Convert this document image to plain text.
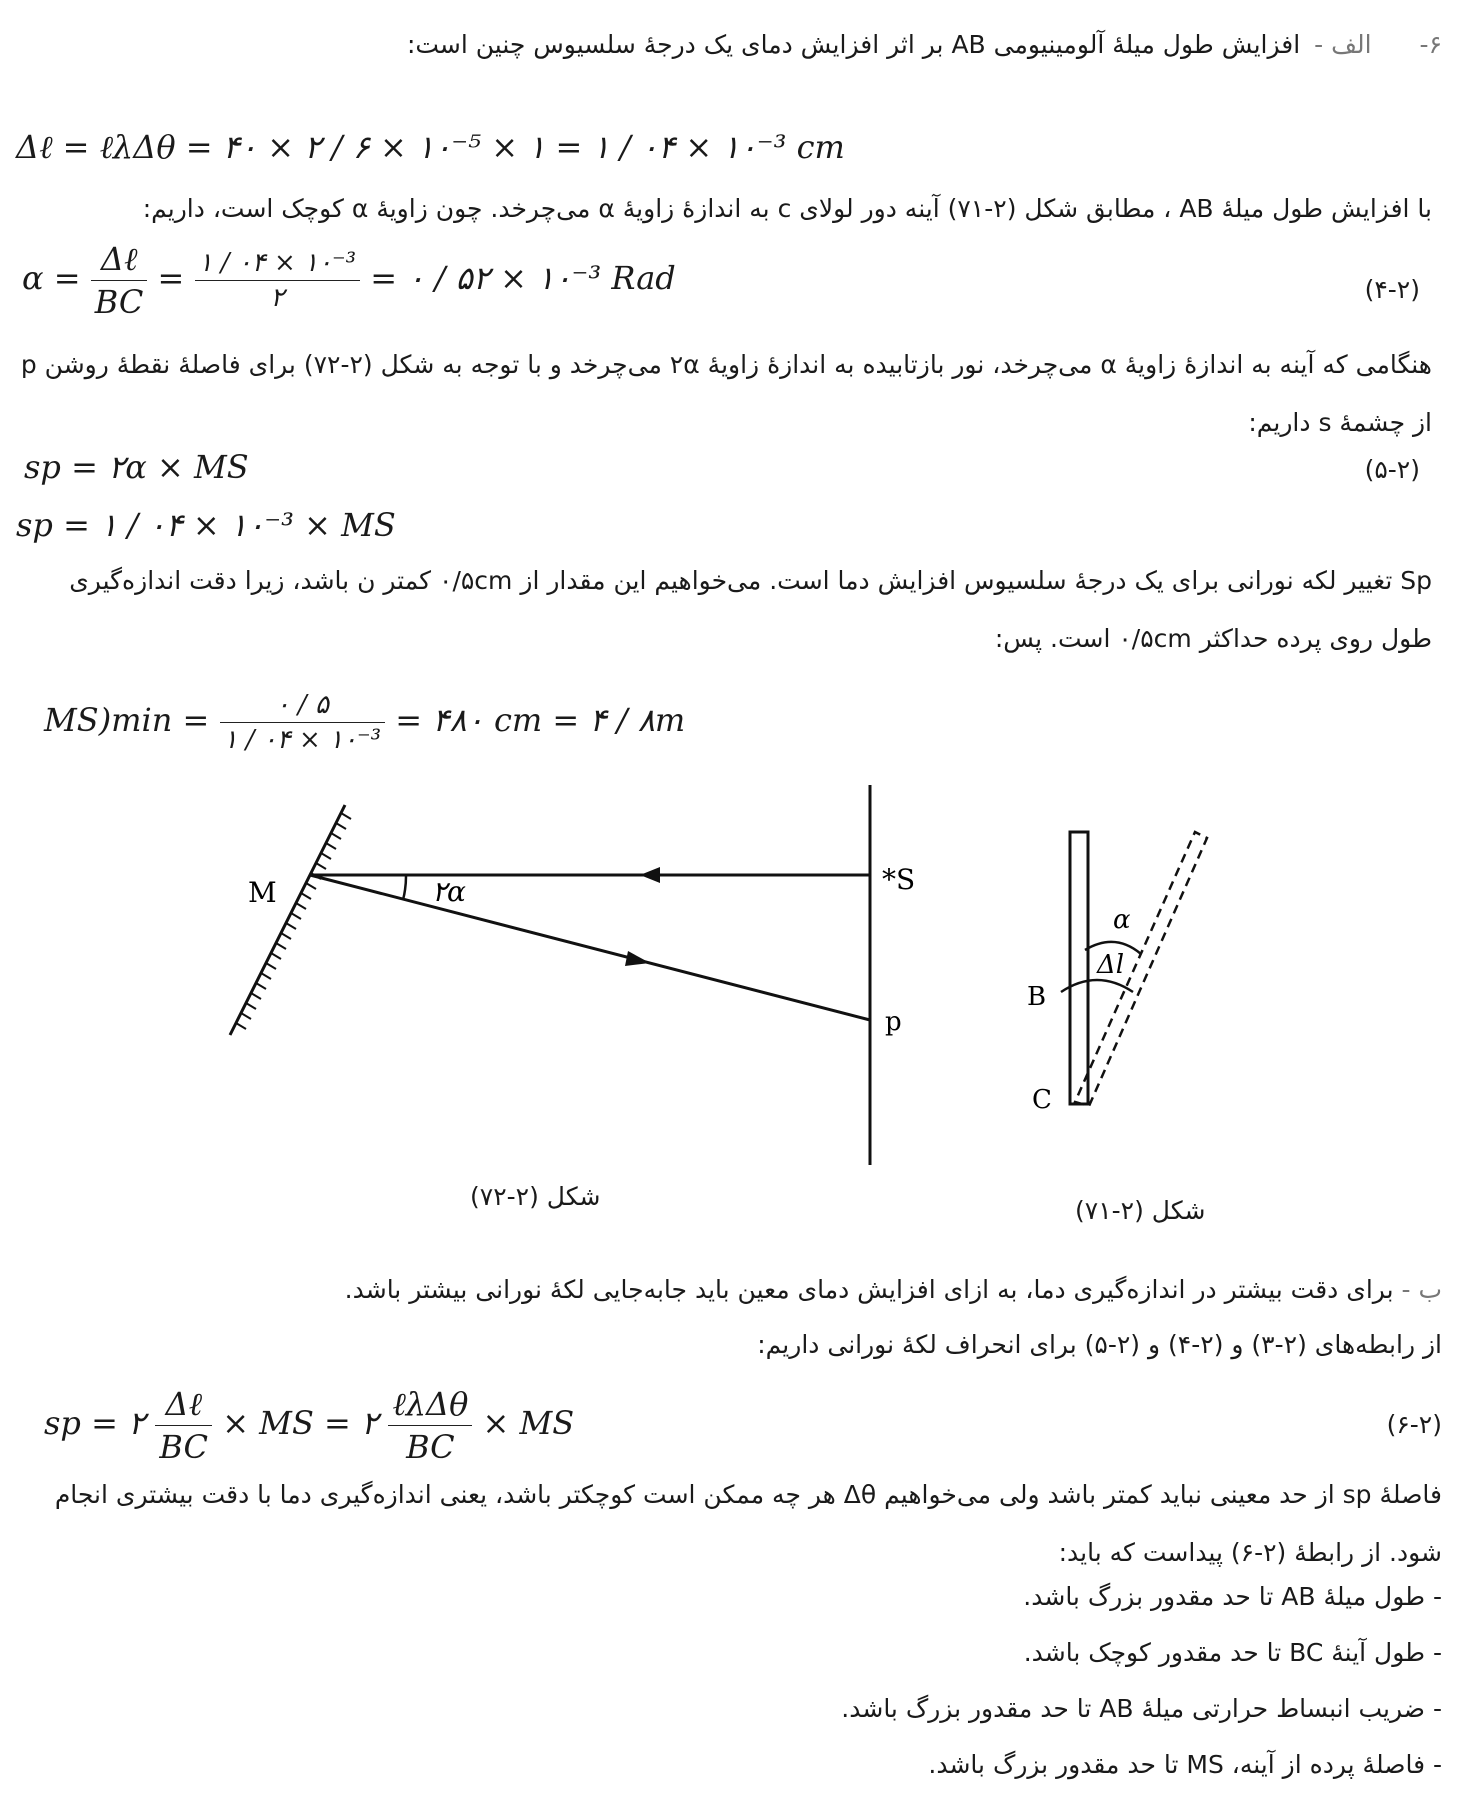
۶- الف - افزایش طول میلهٔ آلومینیومی AB بر اثر افزایش دمای یک درجهٔ سلسیوس چنین است:
Δℓ = ℓλΔθ = ۴۰ × ۲ / ۶ × ۱۰⁻⁵ × ۱ = ۱ / ۰۴ × ۱۰⁻³ cm
با افزایش طول میلهٔ AB ، مطابق شکل (۲-۷۱) آینه دور لولای c به اندازهٔ زاویهٔ α می‌چرخد. چون زاویهٔ α کوچک است، داریم:
$\alpha = \frac{\text{Δℓ}}{BC} = \frac{\text{۱ / ۰۴ × ۱۰⁻³}}{۲}$ = ۰ / ۵۲ × ۱۰⁻³ Rad	(۴-۲)
هنگامی که آینه به اندازهٔ زاویهٔ α می‌چرخد، نور بازتابیده به اندازهٔ زاویهٔ ۲α می‌چرخد و با توجه به شکل (۲-۷۲) برای فاصلهٔ نقطهٔ روشن p از چشمهٔ s داریم:
sp = ۲α × MS	(۵-۲)
sp = ۱ / ۰۴ × ۱۰⁻³ × MS
Sp تغییر لکه نورانی برای یک درجهٔ سلسیوس افزایش دما است. می‌خواهیم این مقدار از ۰/۵cm کمتر ن باشد، زیرا دقت اندازه‌گیری طول روی پرده حداکثر ۰/۵cm است. پس:
$MS)\min = \frac{۰ / ۵}{\text{۱ / ۰۴ × ۱۰⁻³}}$ = ۴۸۰ cm = ۴ / ۸m
M	۲α	*S
p
شکل (۲-۷۲)
α
Δl
B
C
شکل (۲-۷۱)
ب - برای دقت بیشتر در اندازه‌گیری دما، به ازای افزایش دمای معین باید جابه‌جایی لکهٔ نورانی بیشتر باشد.
از رابطه‌های (۲-۳) و (۲-۴) و (۲-۵) برای انحراف لکهٔ نورانی داریم:
sp = ۲ $\frac{\text{Δℓ}}{BC}$ × MS = ۲ $\frac{\text{ℓλΔθ}}{BC}$ × MS	(۶-۲)
فاصلهٔ sp از حد معینی نباید کمتر باشد ولی می‌خواهیم Δθ هر چه ممکن است کوچکتر باشد، یعنی اندازه‌گیری دما با دقت بیشتری انجام شود. از رابطهٔ (۲-۶) پیداست که باید:
- طول میلهٔ AB تا حد مقدور بزرگ باشد.
- طول آینهٔ BC تا حد مقدور کوچک باشد.
- ضریب انبساط حرارتی میلهٔ AB تا حد مقدور بزرگ باشد.
- فاصلهٔ پرده از آینه، MS تا حد مقدور بزرگ باشد.
